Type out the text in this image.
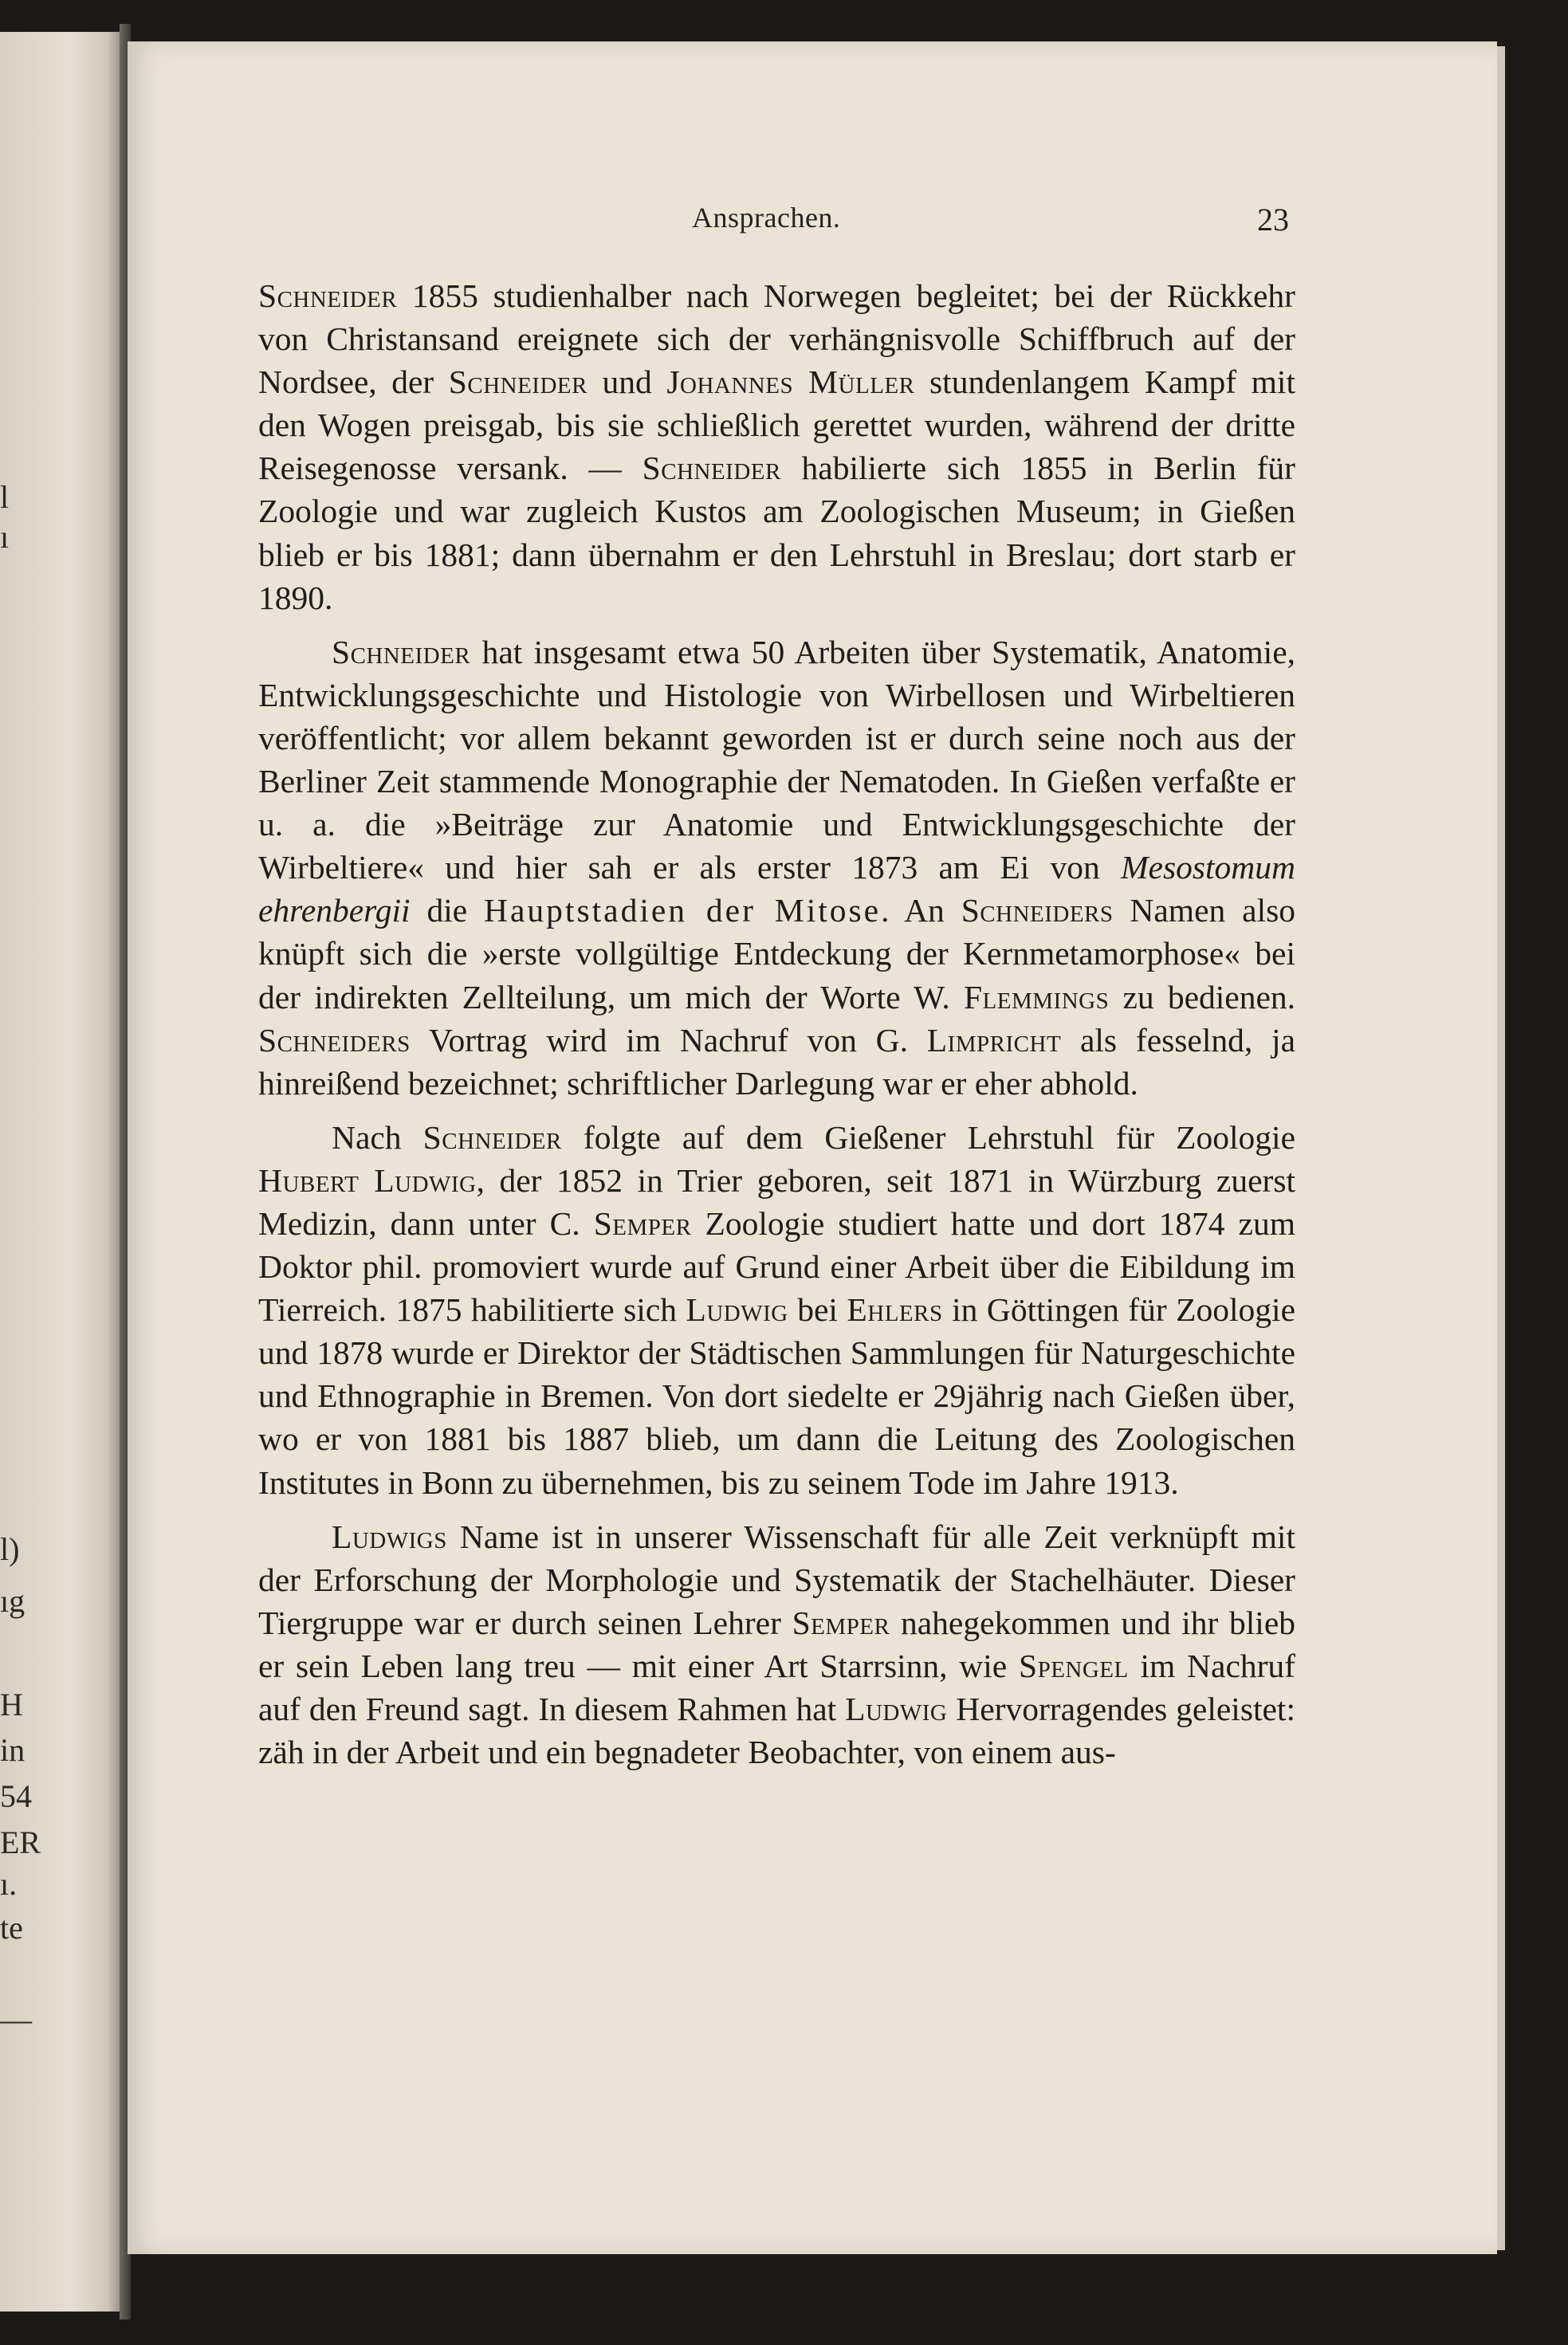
l
ı
l)
ıg
H
in
54
ER
ı.
te
—
Ansprachen.	23

Schneider 1855 studienhalber nach Norwegen begleitet; bei der Rückkehr von Christansand ereignete sich der verhängnisvolle Schiffbruch auf der Nordsee, der Schneider und Johannes Müller stundenlangem Kampf mit den Wogen preisgab, bis sie schließlich gerettet wurden, während der dritte Reisegenosse versank. — Schneider habilierte sich 1855 in Berlin für Zoologie und war zugleich Kustos am Zoologischen Museum; in Gießen blieb er bis 1881; dann übernahm er den Lehrstuhl in Breslau; dort starb er 1890.

Schneider hat insgesamt etwa 50 Arbeiten über Systematik, Anatomie, Entwicklungsgeschichte und Histologie von Wirbellosen und Wirbeltieren veröffentlicht; vor allem bekannt geworden ist er durch seine noch aus der Berliner Zeit stammende Monographie der Nematoden. In Gießen verfaßte er u. a. die »Beiträge zur Anatomie und Entwicklungsgeschichte der Wirbeltiere« und hier sah er als erster 1873 am Ei von Mesostomum ehrenbergii die Hauptstadien der Mitose. An Schneiders Namen also knüpft sich die »erste vollgültige Entdeckung der Kernmetamorphose« bei der indirekten Zellteilung, um mich der Worte W. Flemmings zu bedienen. Schneiders Vortrag wird im Nachruf von G. Limpricht als fesselnd, ja hinreißend bezeichnet; schriftlicher Darlegung war er eher abhold.

Nach Schneider folgte auf dem Gießener Lehrstuhl für Zoologie Hubert Ludwig, der 1852 in Trier geboren, seit 1871 in Würzburg zuerst Medizin, dann unter C. Semper Zoologie studiert hatte und dort 1874 zum Doktor phil. promoviert wurde auf Grund einer Arbeit über die Eibildung im Tierreich. 1875 habilitierte sich Ludwig bei Ehlers in Göttingen für Zoologie und 1878 wurde er Direktor der Städtischen Sammlungen für Naturgeschichte und Ethnographie in Bremen. Von dort siedelte er 29jährig nach Gießen über, wo er von 1881 bis 1887 blieb, um dann die Leitung des Zoologischen Institutes in Bonn zu übernehmen, bis zu seinem Tode im Jahre 1913.

Ludwigs Name ist in unserer Wissenschaft für alle Zeit verknüpft mit der Erforschung der Morphologie und Systematik der Stachelhäuter. Dieser Tiergruppe war er durch seinen Lehrer Semper nahegekommen und ihr blieb er sein Leben lang treu — mit einer Art Starrsinn, wie Spengel im Nachruf auf den Freund sagt. In diesem Rahmen hat Ludwig Hervorragendes geleistet: zäh in der Arbeit und ein begnadeter Beobachter, von einem aus-
